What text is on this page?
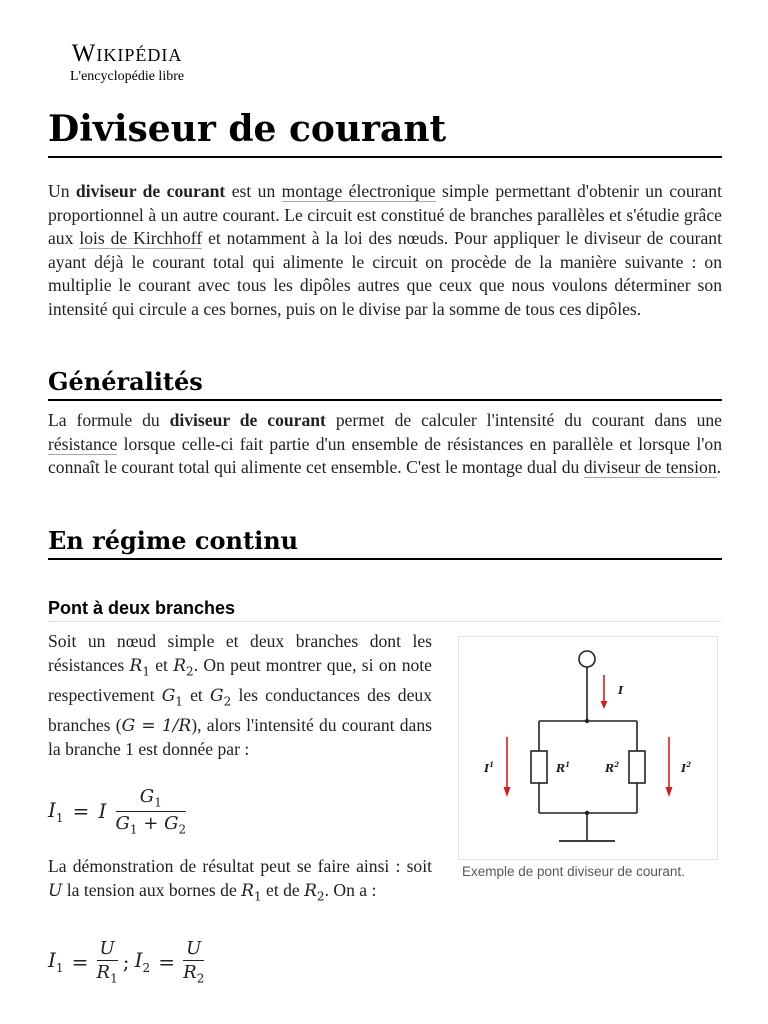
Wikipédia
L'encyclopédie libre
Diviseur de courant

Un diviseur de courant est un montage électronique simple permettant d'obtenir un courant proportionnel à un autre courant. Le circuit est constitué de branches parallèles et s'étudie grâce aux lois de Kirchhoff et notamment à la loi des nœuds. Pour appliquer le diviseur de courant ayant déjà le courant total qui alimente le circuit on procède de la manière suivante : on multiplie le courant avec tous les dipôles autres que ceux que nous voulons déterminer son intensité qui circule a ces bornes, puis on le divise par la somme de tous ces dipôles.

Généralités

La formule du diviseur de courant permet de calculer l'intensité du courant dans une résistance lorsque celle-ci fait partie d'un ensemble de résistances en parallèle et lorsque l'on connaît le courant total qui alimente cet ensemble. C'est le montage dual du diviseur de tension.

En régime continu
Pont à deux branches

Soit un nœud simple et deux branches dont les résistances $R_1$ et $R_2$. On peut montrer que, si on note respectivement $G_1$ et $G_2$ les conductances des deux branches (G = 1/R), alors l'intensité du courant dans la branche 1 est donnée par :

$I_1 = I \frac{G_1}{G_1 + G_2}$

La démonstration de résultat peut se faire ainsi : soit U la tension aux bornes de $R_1$ et de $R_2$. On a :

$I_1 = \frac{U}{R_1}$ ; $I_2 = \frac{U}{R_2}$
I
$I^1$	$R^1$	$R^2$	$I^2$
Exemple de pont diviseur de courant.
